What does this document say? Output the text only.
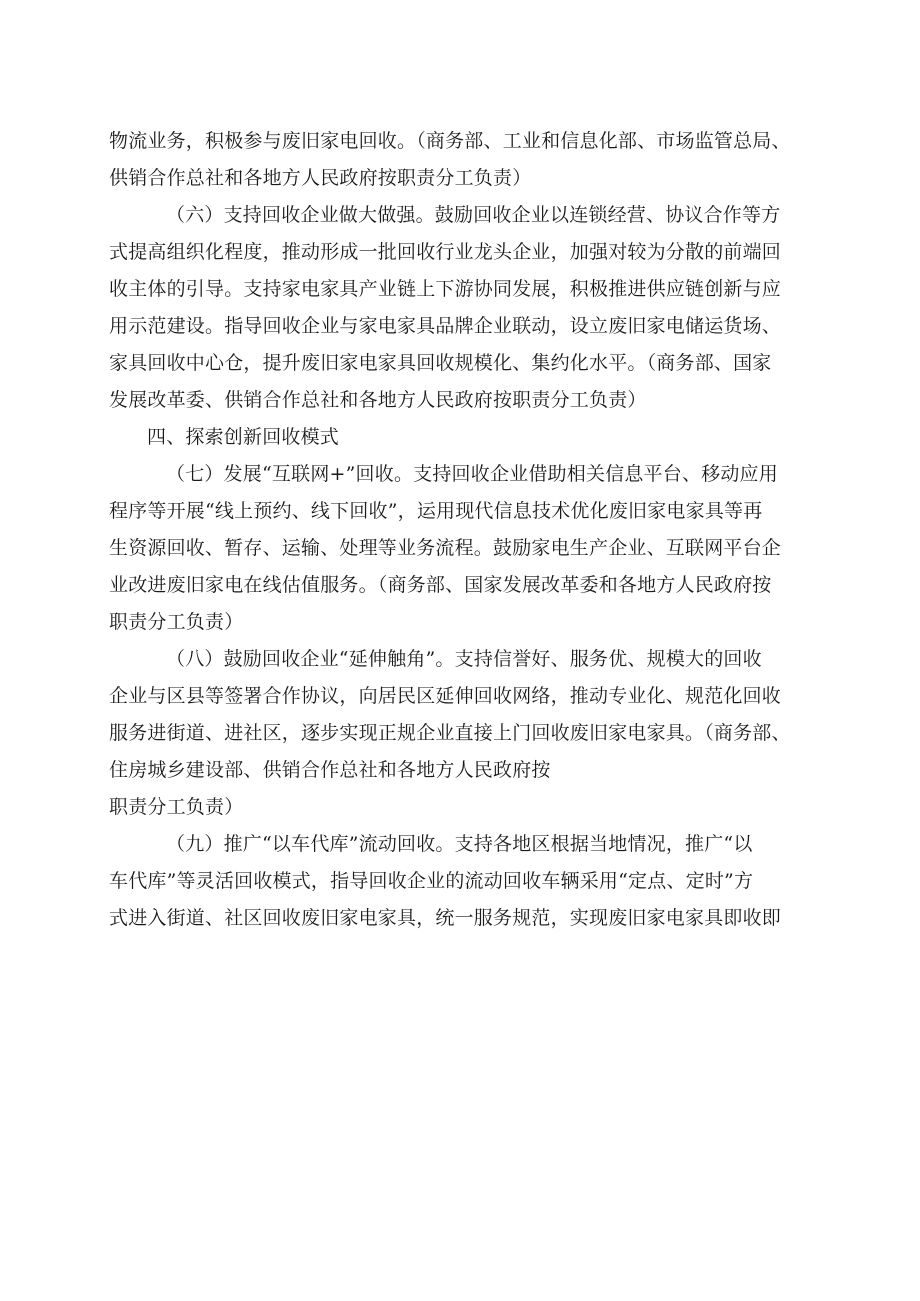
物流业务，积极参与废旧家电回收。（商务部、工业和信息化部、市场监管总局、
供销合作总社和各地方人民政府按职责分工负责）
（六）支持回收企业做大做强。鼓励回收企业以连锁经营、协议合作等方
式提高组织化程度，推动形成一批回收行业龙头企业，加强对较为分散的前端回
收主体的引导。支持家电家具产业链上下游协同发展，积极推进供应链创新与应
用示范建设。指导回收企业与家电家具品牌企业联动，设立废旧家电储运货场、
家具回收中心仓，提升废旧家电家具回收规模化、集约化水平。（商务部、国家
发展改革委、供销合作总社和各地方人民政府按职责分工负责）
四、探索创新回收模式
（七）发展“互联网+”回收。支持回收企业借助相关信息平台、移动应用
程序等开展“线上预约、线下回收”，运用现代信息技术优化废旧家电家具等再
生资源回收、暂存、运输、处理等业务流程。鼓励家电生产企业、互联网平台企
业改进废旧家电在线估值服务。（商务部、国家发展改革委和各地方人民政府按
职责分工负责）
（八）鼓励回收企业“延伸触角”。支持信誉好、服务优、规模大的回收
企业与区县等签署合作协议，向居民区延伸回收网络，推动专业化、规范化回收
服务进街道、进社区，逐步实现正规企业直接上门回收废旧家电家具。（商务部、
住房城乡建设部、供销合作总社和各地方人民政府按
职责分工负责）
（九）推广“以车代库”流动回收。支持各地区根据当地情况，推广“以
车代库”等灵活回收模式，指导回收企业的流动回收车辆采用“定点、定时”方
式进入街道、社区回收废旧家电家具，统一服务规范，实现废旧家电家具即收即
